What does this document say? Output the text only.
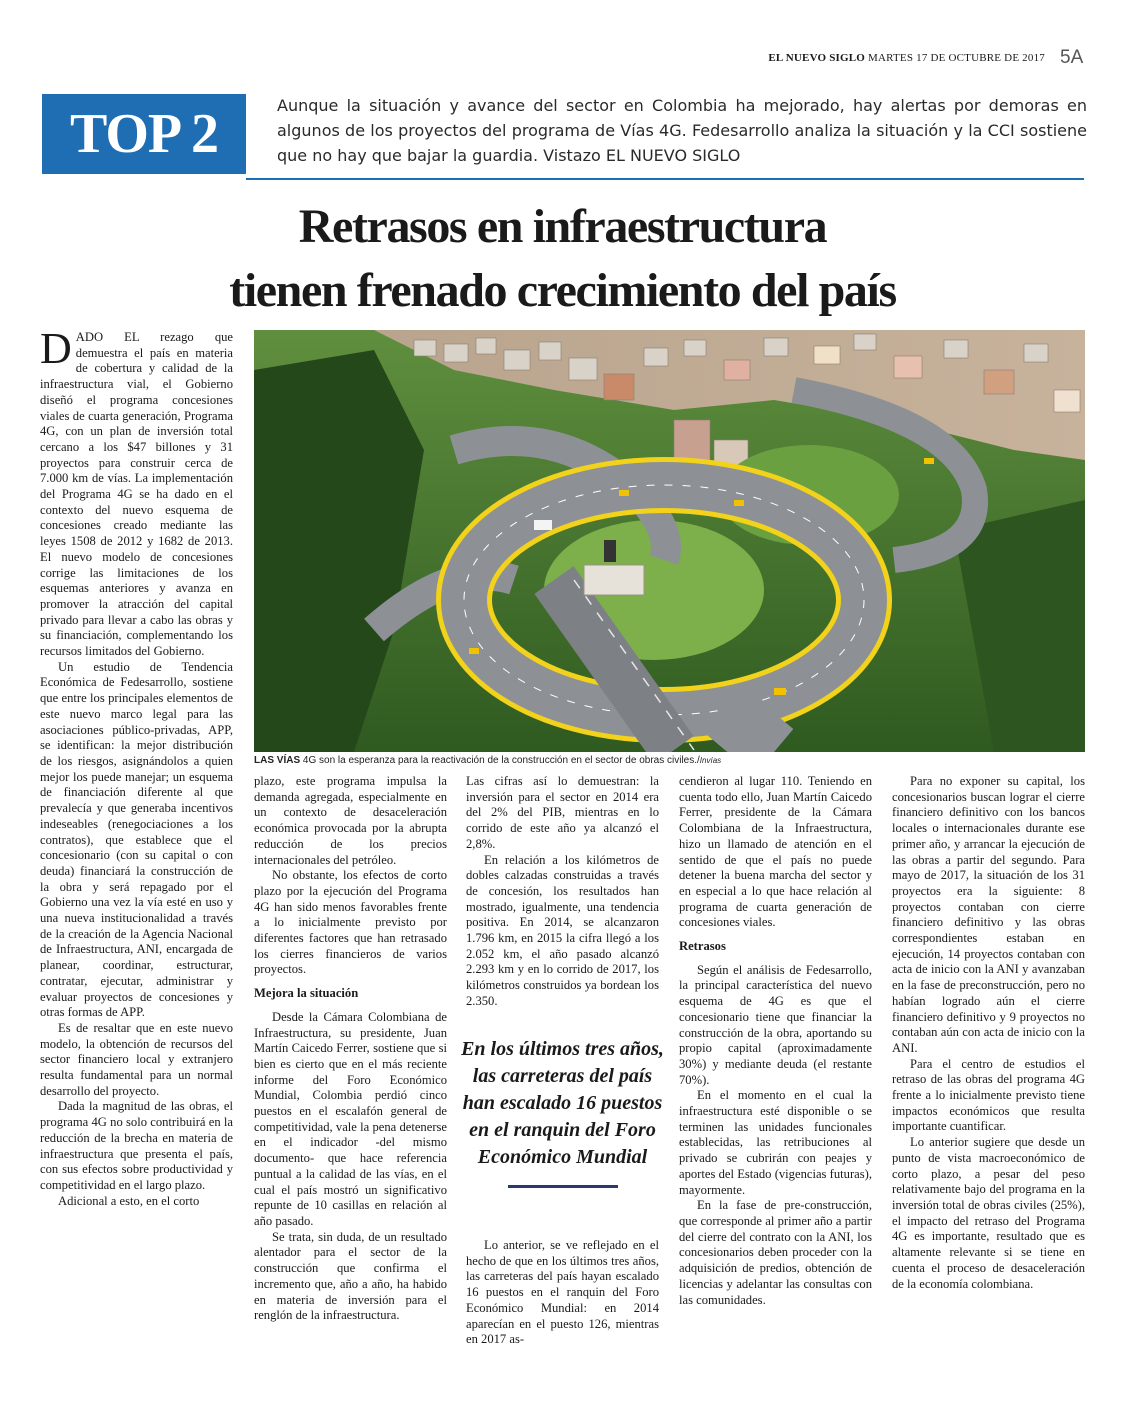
EL NUEVO SIGLO MARTES 17 DE OCTUBRE DE 2017 5A
TOP 2	Aunque la situación y avance del sector en Colombia ha mejorado, hay alertas por demoras en algunos de los proyectos del programa de Vías 4G. Fedesarrollo analiza la situación y la CCI sostiene que no hay que bajar la guardia. Vistazo EL NUEVO SIGLO
Retrasos en infraestructura
tienen frenado crecimiento del país
LAS VÍAS 4G son la esperanza para la reactivación de la construcción en el sector de obras civiles./Invías

DADO EL rezago que demuestra el país en materia de cobertura y calidad de la infraestructura vial, el Gobierno diseñó el programa concesiones viales de cuarta generación, Programa 4G, con un plan de inversión total cercano a los $47 billones y 31 proyectos para construir cerca de 7.000 km de vías. La implementación del Programa 4G se ha dado en el contexto del nuevo esquema de concesiones creado mediante las leyes 1508 de 2012 y 1682 de 2013. El nuevo modelo de concesiones corrige las limitaciones de los esquemas anteriores y avanza en promover la atracción del capital privado para llevar a cabo las obras y su financiación, complementando los recursos limitados del Gobierno.

Un estudio de Tendencia Económica de Fedesarrollo, sostiene que entre los principales elementos de este nuevo marco legal para las asociaciones público-privadas, APP, se identifican: la mejor distribución de los riesgos, asignándolos a quien mejor los puede manejar; un esquema de financiación diferente al que prevalecía y que generaba incentivos indeseables (renegociaciones a los contratos), que establece que el concesionario (con su capital o con deuda) financiará la construcción de la obra y será repagado por el Gobierno una vez la vía esté en uso y una nueva institucionalidad a través de la creación de la Agencia Nacional de Infraestructura, ANI, encargada de planear, coordinar, estructurar, contratar, ejecutar, administrar y evaluar proyectos de concesiones y otras formas de APP.

Es de resaltar que en este nuevo modelo, la obtención de recursos del sector financiero local y extranjero resulta fundamental para un normal desarrollo del proyecto.

Dada la magnitud de las obras, el programa 4G no solo contribuirá en la reducción de la brecha en materia de infraestructura que presenta el país, con sus efectos sobre productividad y competitividad en el largo plazo.

Adicional a esto, en el corto

plazo, este programa impulsa la demanda agregada, especialmente en un contexto de desaceleración económica provocada por la abrupta reducción de los precios internacionales del petróleo.

No obstante, los efectos de corto plazo por la ejecución del Programa 4G han sido menos favorables frente a lo inicialmente previsto por diferentes factores que han retrasado los cierres financieros de varios proyectos.

Mejora la situación

Desde la Cámara Colombiana de Infraestructura, su presidente, Juan Martín Caicedo Ferrer, sostiene que si bien es cierto que en el más reciente informe del Foro Económico Mundial, Colombia perdió cinco puestos en el escalafón general de competitividad, vale la pena detenerse en el indicador -del mismo documento- que hace referencia puntual a la calidad de las vías, en el cual el país mostró un significativo repunte de 10 casillas en relación al año pasado.

Se trata, sin duda, de un resultado alentador para el sector de la construcción que confirma el incremento que, año a año, ha habido en materia de inversión para el renglón de la infraestructura.

Las cifras así lo demuestran: la inversión para el sector en 2014 era del 2% del PIB, mientras en lo corrido de este año ya alcanzó el 2,8%.

En relación a los kilómetros de dobles calzadas construidas a través de concesión, los resultados han mostrado, igualmente, una tendencia positiva. En 2014, se alcanzaron 1.796 km, en 2015 la cifra llegó a los 2.052 km, el año pasado alcanzó 2.293 km y en lo corrido de 2017, los kilómetros construidos ya bordean los 2.350.

En los últimos tres años, las carreteras del país han escalado 16 puestos en el ranquin del Foro Económico Mundial

Lo anterior, se ve reflejado en el hecho de que en los últimos tres años, las carreteras del país hayan escalado 16 puestos en el ranquin del Foro Económico Mundial: en 2014 aparecían en el puesto 126, mientras en 2017 as-

cendieron al lugar 110. Teniendo en cuenta todo ello, Juan Martín Caicedo Ferrer, presidente de la Cámara Colombiana de la Infraestructura, hizo un llamado de atención en el sentido de que el país no puede detener la buena marcha del sector y en especial a lo que hace relación al programa de cuarta generación de concesiones viales.

Retrasos

Según el análisis de Fedesarrollo, la principal característica del nuevo esquema de 4G es que el concesionario tiene que financiar la construcción de la obra, aportando su propio capital (aproximadamente 30%) y mediante deuda (el restante 70%).

En el momento en el cual la infraestructura esté disponible o se terminen las unidades funcionales establecidas, las retribuciones al privado se cubrirán con peajes y aportes del Estado (vigencias futuras), mayormente.

En la fase de pre-construcción, que corresponde al primer año a partir del cierre del contrato con la ANI, los concesionarios deben proceder con la adquisición de predios, obtención de licencias y adelantar las consultas con las comunidades.

Para no exponer su capital, los concesionarios buscan lograr el cierre financiero definitivo con los bancos locales o internacionales durante ese primer año, y arrancar la ejecución de las obras a partir del segundo. Para mayo de 2017, la situación de los 31 proyectos era la siguiente: 8 proyectos contaban con cierre financiero definitivo y las obras correspondientes estaban en ejecución, 14 proyectos contaban con acta de inicio con la ANI y avanzaban en la fase de preconstrucción, pero no habían logrado aún el cierre financiero definitivo y 9 proyectos no contaban aún con acta de inicio con la ANI.

Para el centro de estudios el retraso de las obras del programa 4G frente a lo inicialmente previsto tiene impactos económicos que resulta importante cuantificar.

Lo anterior sugiere que desde un punto de vista macroeconómico de corto plazo, a pesar del peso relativamente bajo del programa en la inversión total de obras civiles (25%), el impacto del retraso del Programa 4G es importante, resultado que es altamente relevante si se tiene en cuenta el proceso de desaceleración de la economía colombiana.
